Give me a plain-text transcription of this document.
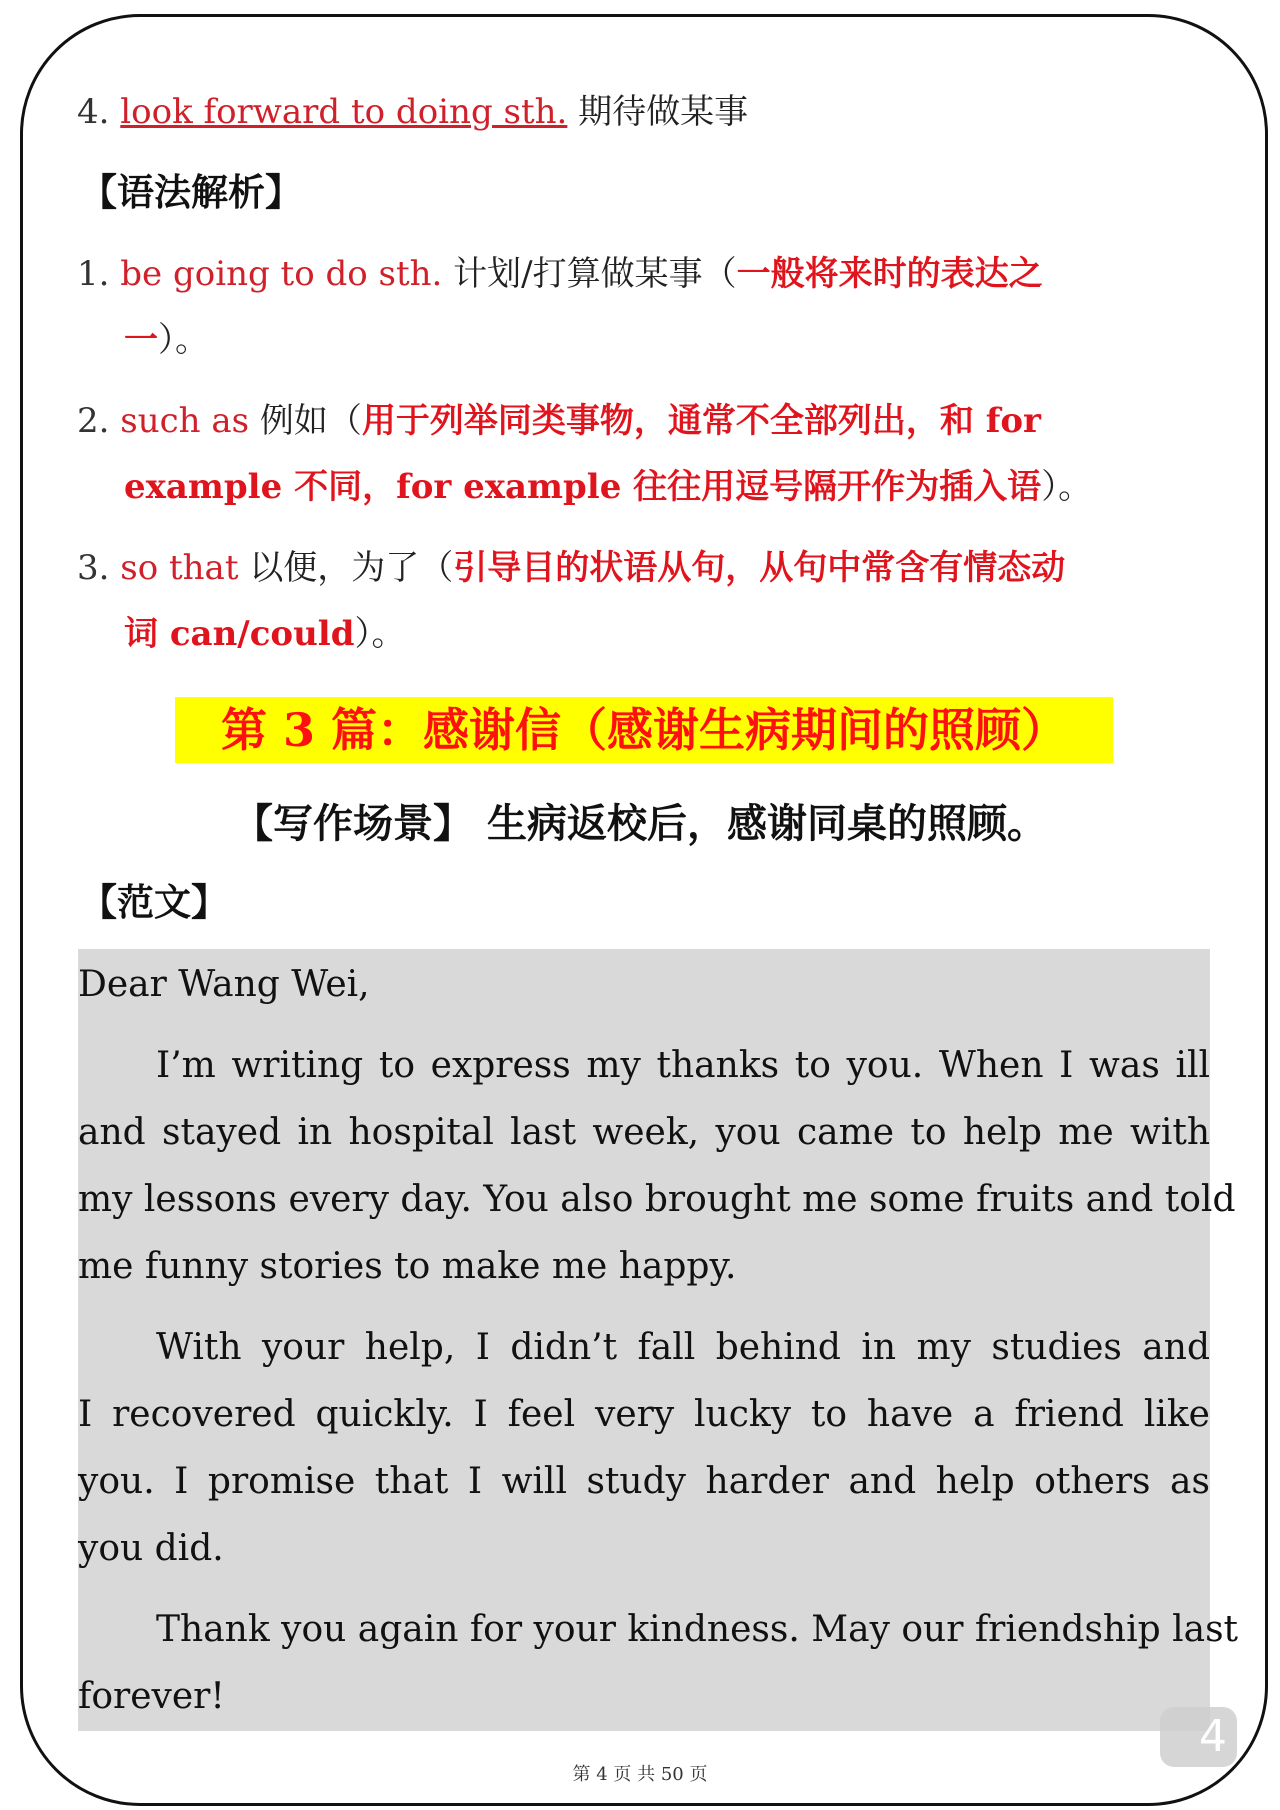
4. look forward to doing sth. 期待做某事
【语法解析】
1. be going to do sth. 计划/打算做某事（一般将来时的表达之
一）。
2. such as 例如（用于列举同类事物，通常不全部列出，和 for
example 不同，for example 往往用逗号隔开作为插入语）。
3. so that 以便，为了（引导目的状语从句，从句中常含有情态动
词 can/could）。
第 3 篇：感谢信（感谢生病期间的照顾）
【写作场景】 生病返校后，感谢同桌的照顾。
【范文】
Dear Wang Wei,
I’m writing to express my thanks to you. When I was ill
and stayed in hospital last week, you came to help me with
my lessons every day. You also brought me some fruits and told
me funny stories to make me happy.
With your help, I didn’t fall behind in my studies and
I recovered quickly. I feel very lucky to have a friend like
you. I promise that I will study harder and help others as
you did.
Thank you again for your kindness. May our friendship last
forever!
第 4 页 共 50 页
4
